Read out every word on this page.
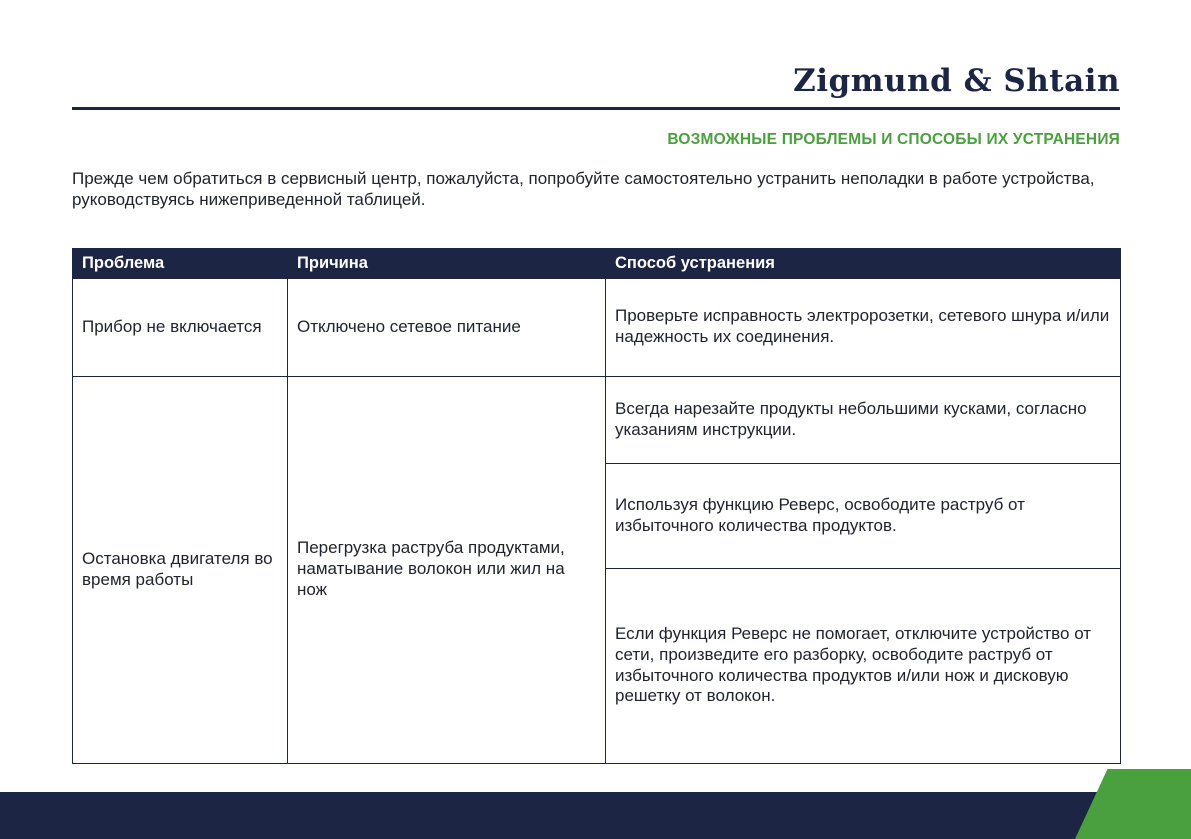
Zigmund & Shtain
ВОЗМОЖНЫЕ ПРОБЛЕМЫ И СПОСОБЫ ИХ УСТРАНЕНИЯ

Прежде чем обратиться в сервисный центр, пожалуйста, попробуйте самостоятельно устранить неполадки в работе устройства, руководствуясь нижеприведенной таблицей.

Проблема	Причина	Способ устранения
Прибор не включается	Отключено сетевое питание	Проверьте исправность электророзетки, сетевого шнура и/или надежность их соединения.
Остановка двигателя во время работы	Перегрузка раструба продуктами, наматывание волокон или жил на нож	Всегда нарезайте продукты небольшими кусками, согласно указаниям инструкции.
		Используя функцию Реверс, освободите раструб от избыточного количества продуктов.
		Если функция Реверс не помогает, отключите устройство от сети, произведите его разборку, освободите раструб от избыточного количества продуктов и/или нож и дисковую решетку от волокон.
